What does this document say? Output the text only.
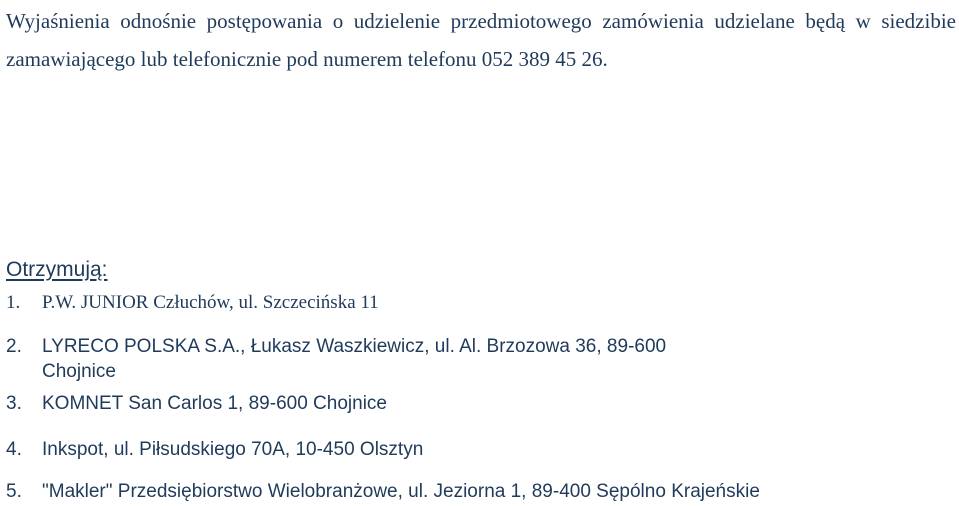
Wyjaśnienia odnośnie postępowania o udzielenie przedmiotowego zamówienia udzielane będą w siedzibie zamawiającego lub telefonicznie pod numerem telefonu 052 389 45 26.

Otrzymują:
1. P.W. JUNIOR Człuchów, ul. Szczecińska 11
2. LYRECO POLSKA S.A., Łukasz Waszkiewicz, ul. Al. Brzozowa 36, 89-600
Chojnice
3. KOMNET San Carlos 1, 89-600 Chojnice
4. Inkspot, ul. Piłsudskiego 70A, 10-450 Olsztyn
5. "Makler" Przedsiębiorstwo Wielobranżowe, ul. Jeziorna 1, 89-400 Sępólno Krajeńskie
